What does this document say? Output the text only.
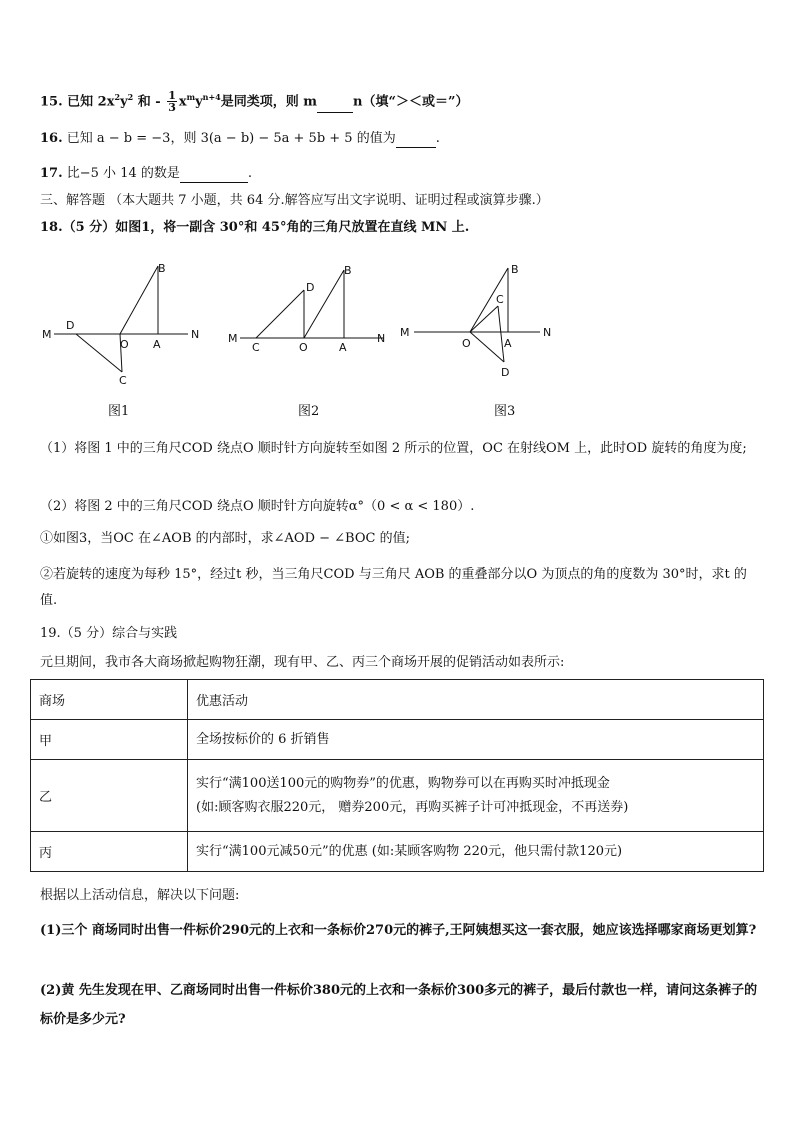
15. 已知 $2x^2y^2$ 和 - $\frac{1}{3} x^my^{n+4}$是同类项，则 m	n（填“＞＜或＝”）
16. 已知 a − b = −3，则 3(a − b) − 5a + 5b + 5 的值为	.
17. 比−5 小 14 的数是	.
三、解答题 （本大题共 7 小题，共 64 分.解答应写出文字说明、证明过程或演算步骤.）
18.（5 分）如图1，将一副含 30°和 45°角的三角尺放置在直线 MN 上.
M
D
O A
N
B
C
图1
M
C	O	A
N
B
D
图2
M
O	A
N
B
C
D
图3
（1）将图 1 中的三角尺COD 绕点O 顺时针方向旋转至如图 2 所示的位置，OC 在射线OM 上，此时OD 旋转的角度为度;
（2）将图 2 中的三角尺COD 绕点O 顺时针方向旋转α°（0 < α < 180）.
①如图3，当OC 在∠AOB 的内部时，求∠AOD − ∠BOC 的值;
②若旋转的速度为每秒 15°，经过t 秒，当三角尺COD 与三角尺 AOB 的重叠部分以O 为顶点的角的度数为 30°时，求t 的值.
19.（5 分）综合与实践
元旦期间，我市各大商场掀起购物狂潮，现有甲、乙、丙三个商场开展的促销活动如表所示:
商场	优惠活动
甲	全场按标价的 6 折销售

乙	实行“满100送100元的购物券”的优惠，购物券可以在再购买时冲抵现金
(如:顾客购衣服220元， 赠券200元，再购买裤子计可冲抵现金，不再送券)

丙	实行“满100元减50元”的优惠 (如:某顾客购物 220元，他只需付款120元)
根据以上活动信息，解决以下问题:
(1)三个 商场同时出售一件标价290元的上衣和一条标价270元的裤子,王阿姨想买这一套衣服，她应该选择哪家商场更划算?
(2)黄 先生发现在甲、乙商场同时出售一件标价380元的上衣和一条标价300多元的裤子，最后付款也一样，请问这条裤子的标价是多少元?
